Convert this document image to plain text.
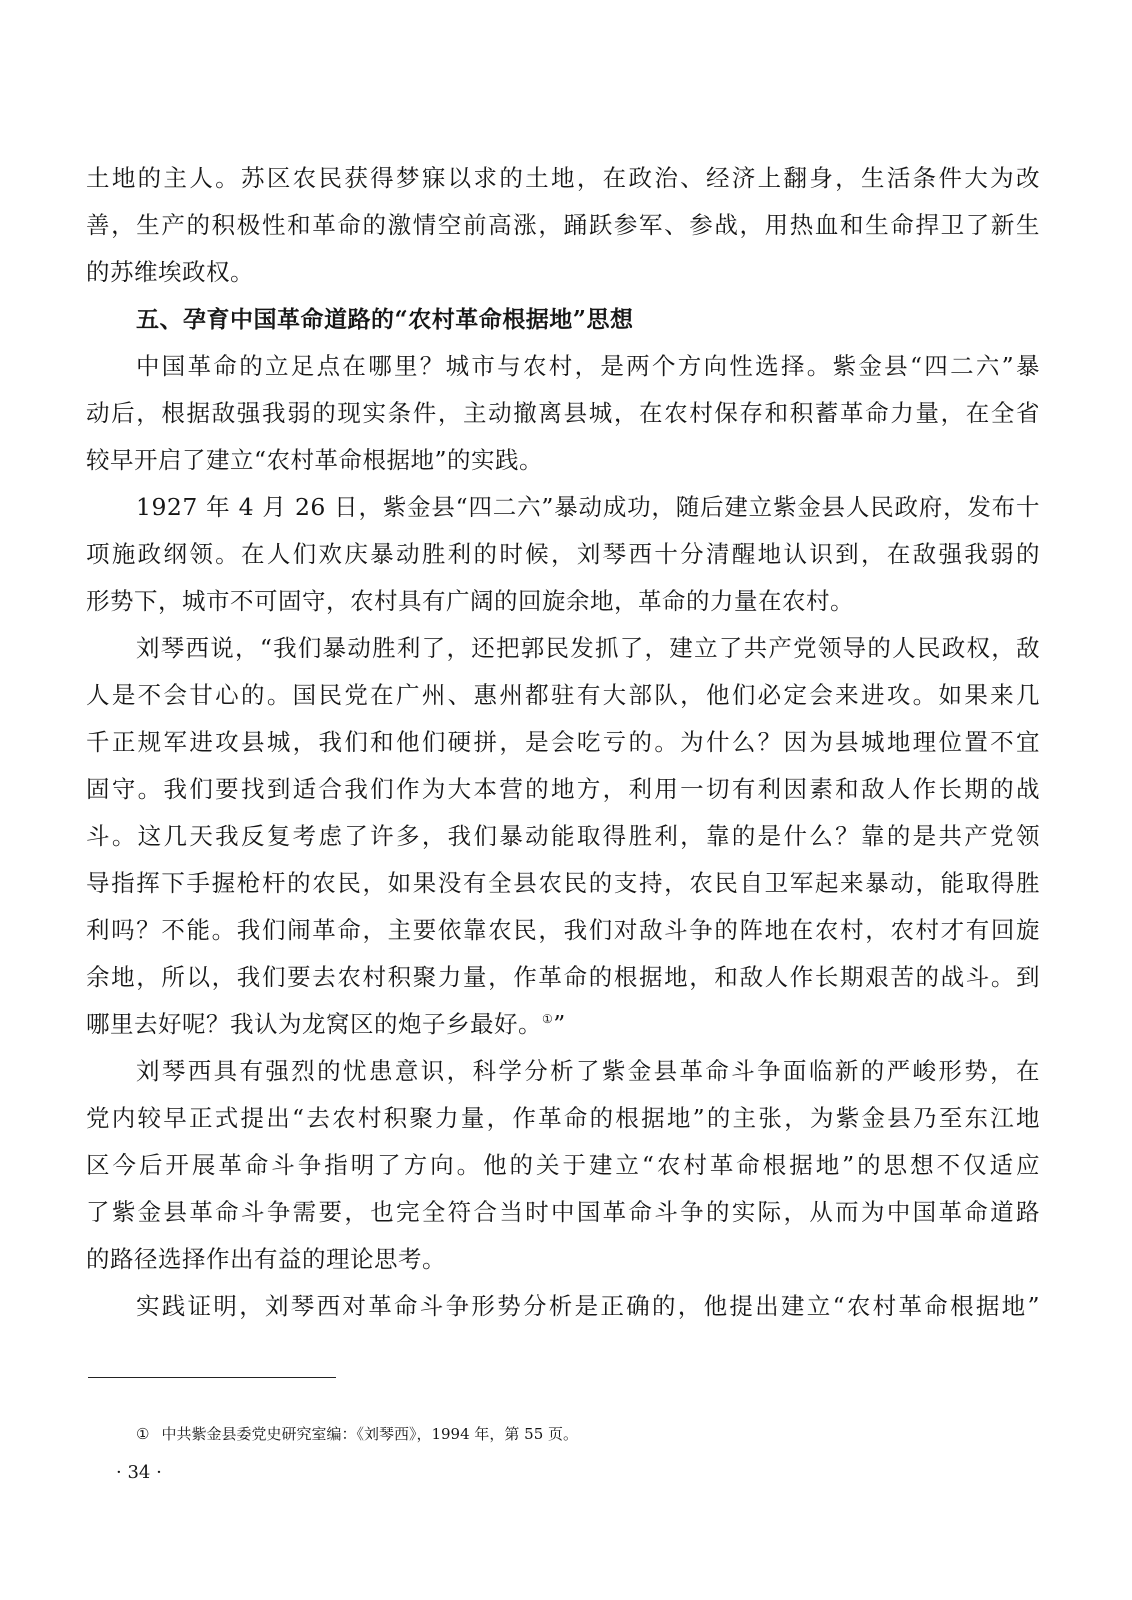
土地的主人。苏区农民获得梦寐以求的土地，在政治、经济上翻身，生活条件大为改
善，生产的积极性和革命的激情空前高涨，踊跃参军、参战，用热血和生命捍卫了新生
的苏维埃政权。
五、孕育中国革命道路的“农村革命根据地”思想
中国革命的立足点在哪里？城市与农村，是两个方向性选择。紫金县“四二六”暴
动后，根据敌强我弱的现实条件，主动撤离县城，在农村保存和积蓄革命力量，在全省
较早开启了建立“农村革命根据地”的实践。
1927 年 4 月 26 日，紫金县“四二六”暴动成功，随后建立紫金县人民政府，发布十
项施政纲领。在人们欢庆暴动胜利的时候，刘琴西十分清醒地认识到，在敌强我弱的
形势下，城市不可固守，农村具有广阔的回旋余地，革命的力量在农村。
刘琴西说，“我们暴动胜利了，还把郭民发抓了，建立了共产党领导的人民政权，敌
人是不会甘心的。国民党在广州、惠州都驻有大部队，他们必定会来进攻。如果来几
千正规军进攻县城，我们和他们硬拼，是会吃亏的。为什么？因为县城地理位置不宜
固守。我们要找到适合我们作为大本营的地方，利用一切有利因素和敌人作长期的战
斗。这几天我反复考虑了许多，我们暴动能取得胜利，靠的是什么？靠的是共产党领
导指挥下手握枪杆的农民，如果没有全县农民的支持，农民自卫军起来暴动，能取得胜
利吗？不能。我们闹革命，主要依靠农民，我们对敌斗争的阵地在农村，农村才有回旋
余地，所以，我们要去农村积聚力量，作革命的根据地，和敌人作长期艰苦的战斗。到
哪里去好呢？我认为龙窝区的炮子乡最好。①”
刘琴西具有强烈的忧患意识，科学分析了紫金县革命斗争面临新的严峻形势，在
党内较早正式提出“去农村积聚力量，作革命的根据地”的主张，为紫金县乃至东江地
区今后开展革命斗争指明了方向。他的关于建立“农村革命根据地”的思想不仅适应
了紫金县革命斗争需要，也完全符合当时中国革命斗争的实际，从而为中国革命道路
的路径选择作出有益的理论思考。
实践证明，刘琴西对革命斗争形势分析是正确的，他提出建立“农村革命根据地”
① 中共紫金县委党史研究室编：《刘琴西》，1994 年，第 55 页。
· 34 ·
